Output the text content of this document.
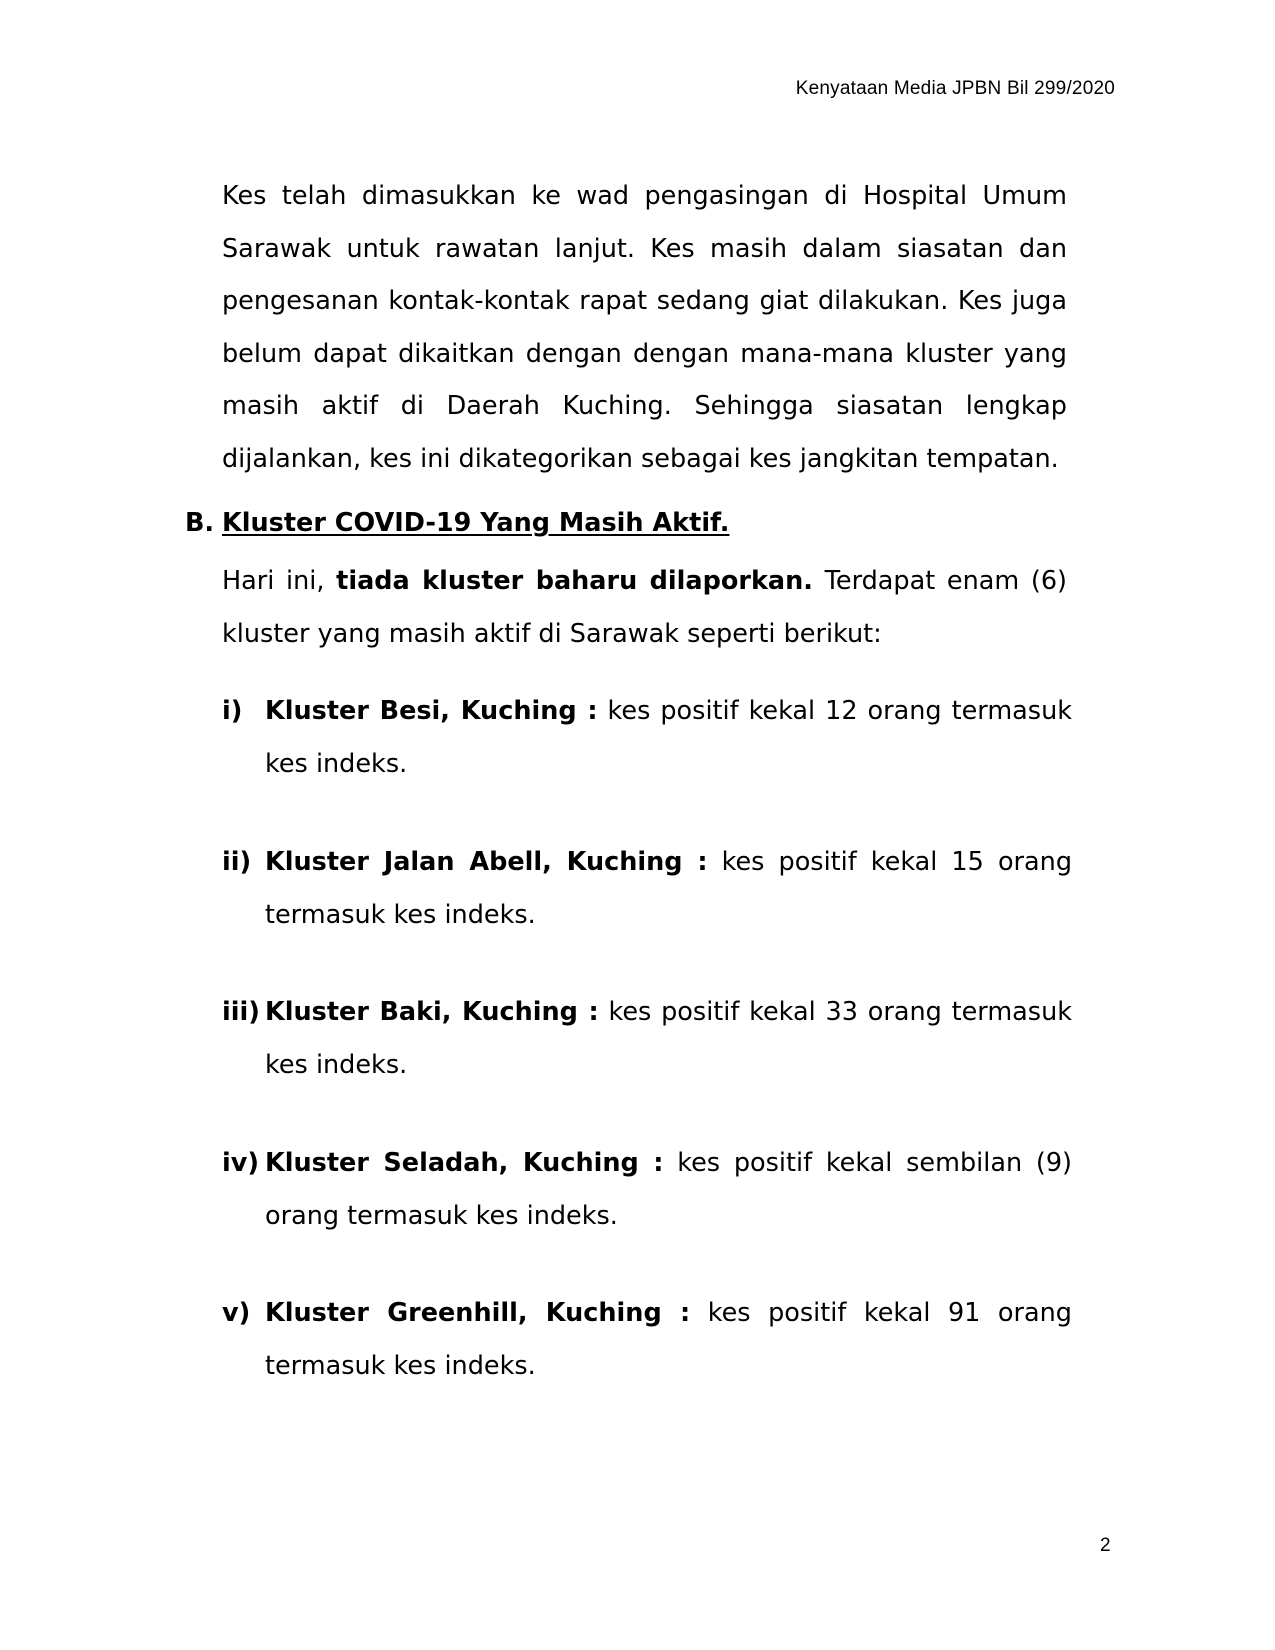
Kenyataan Media JPBN Bil 299/2020
Kes telah dimasukkan ke wad pengasingan di Hospital Umum Sarawak untuk rawatan lanjut. Kes masih dalam siasatan dan pengesanan kontak-kontak rapat sedang giat dilakukan. Kes juga belum dapat dikaitkan dengan dengan mana-mana kluster yang masih aktif di Daerah Kuching. Sehingga siasatan lengkap dijalankan, kes ini dikategorikan sebagai kes jangkitan tempatan.
B. Kluster COVID-19 Yang Masih Aktif.
Hari ini, tiada kluster baharu dilaporkan. Terdapat enam (6) kluster yang masih aktif di Sarawak seperti berikut:
i) Kluster Besi, Kuching : kes positif kekal 12 orang termasuk kes indeks.
ii) Kluster Jalan Abell, Kuching : kes positif kekal 15 orang termasuk kes indeks.
iii) Kluster Baki, Kuching : kes positif kekal 33 orang termasuk kes indeks.
iv) Kluster Seladah, Kuching : kes positif kekal sembilan (9) orang termasuk kes indeks.
v) Kluster Greenhill, Kuching : kes positif kekal 91 orang termasuk kes indeks.
2
